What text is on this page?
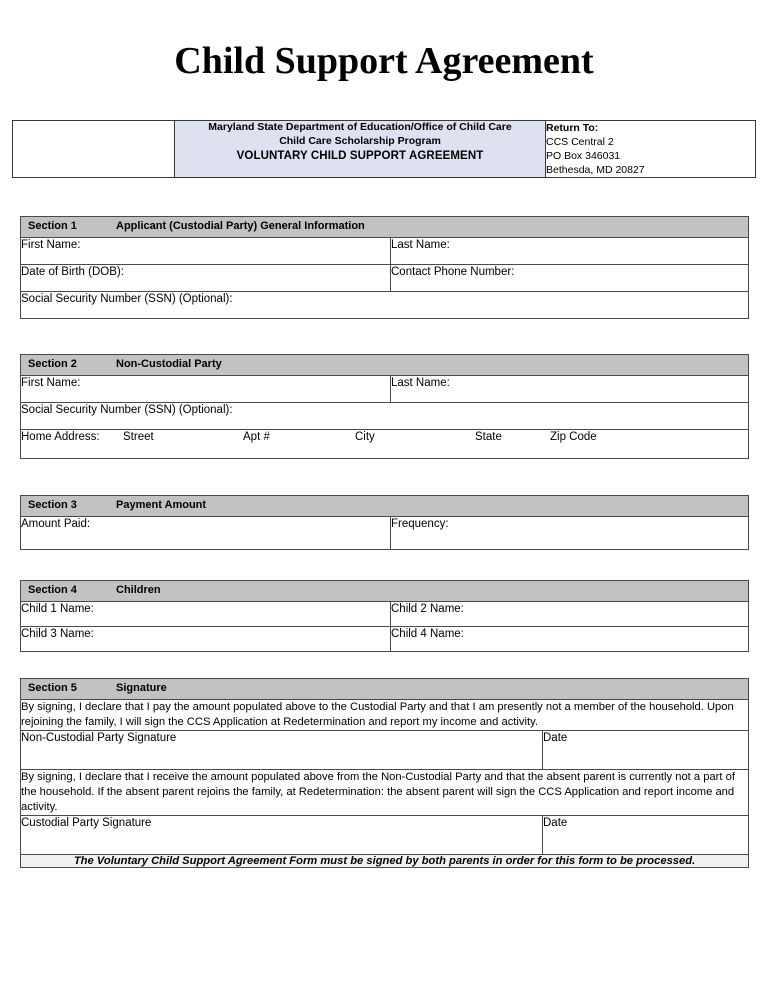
Child Support Agreement

Maryland State Department of Education/Office of Child Care
Child Care Scholarship Program
VOLUNTARY CHILD SUPPORT AGREEMENT

Return To:
CCS Central 2
PO Box 346031
Bethesda, MD 20827
Section 1 Applicant (Custodial Party) General Information	

First Name:	Last Name:
Date of Birth (DOB):	Contact Phone Number:
Social Security Number (SSN) (Optional):	
Section 2	Non-Custodial Party

First Name:	Last Name:
Social Security Number (SSN) (Optional):

Home Address: Street	Apt #	City	State	Zip Code
Section 3	Payment Amount

Amount Paid:	Frequency:
Section 4 Children	

Child 1 Name:	Child 2 Name:
Child 3 Name:	Child 4 Name:
Section 5 Signature	

By signing, I declare that I pay the amount populated above to the Custodial Party and that I am presently not a member of the household. Upon rejoining the family, I will sign the CCS Application at Redetermination and report my income and activity.	
Non-Custodial Party Signature	Date
By signing, I declare that I receive the amount populated above from the Non-Custodial Party and that the absent parent is currently not a part of the household. If the absent parent rejoins the family, at Redetermination: the absent parent will sign the CCS Application and report income and activity.	
Custodial Party Signature	Date
The Voluntary Child Support Agreement Form must be signed by both parents in order for this form to be processed.	
